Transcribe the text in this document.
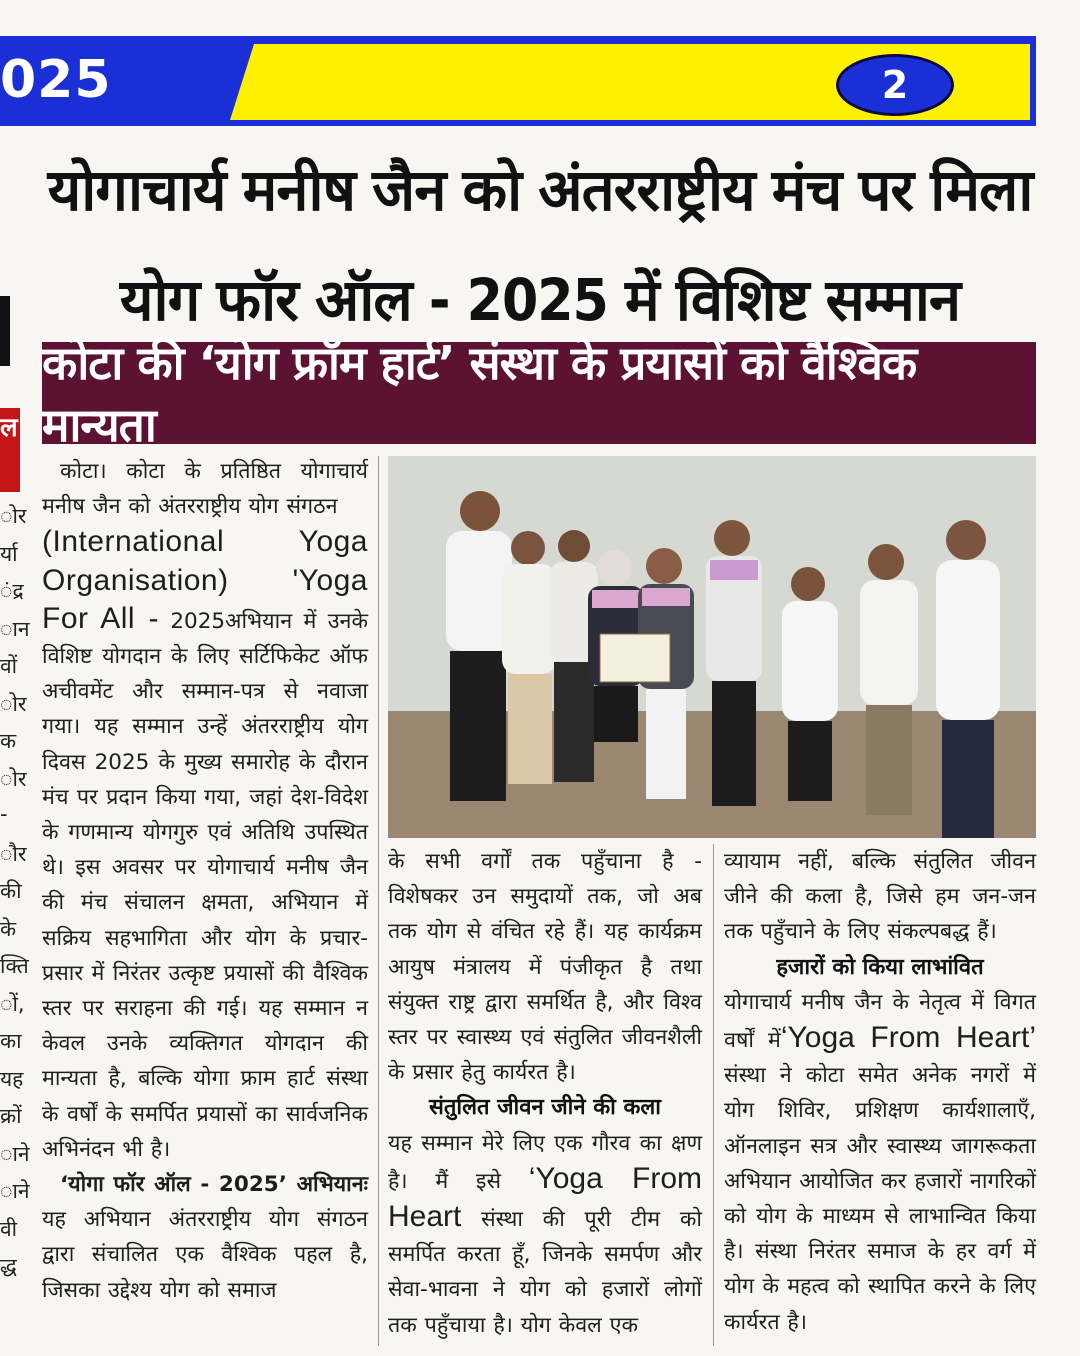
025	2
योगाचार्य मनीष जैन को अंतरराष्ट्रीय मंच पर मिला
योग फॉर ऑल - 2025 में विशिष्ट सम्मान
कोटा की ‘योग फ्रॉम हार्ट’ संस्था के प्रयासों को वैश्विक मान्यता
ल
ोर
र्या
ंद्र
ान
वों
ोर
क
ोर
-
ौर
की
के
क्ति
ों,
का
यह
क्रों
ाने
ाने
वी
द्ध

कोटा। कोटा के प्रतिष्ठित योगाचार्य मनीष जैन को अंतरराष्ट्रीय योग संगठन
(International Yoga Organisation) 'Yoga For All - 2025अभियान में उनके विशिष्ट योगदान के लिए सर्टिफिकेट ऑफ अचीवमेंट और सम्मान-पत्र से नवाजा गया। यह सम्मान उन्हें अंतरराष्ट्रीय योग दिवस 2025 के मुख्य समारोह के दौरान मंच पर प्रदान किया गया, जहां देश-विदेश के गणमान्य योगगुरु एवं अतिथि उपस्थित थे। इस अवसर पर योगाचार्य मनीष जैन की मंच संचालन क्षमता, अभियान में सक्रिय सहभागिता और योग के प्रचार-प्रसार में निरंतर उत्कृष्ट प्रयासों की वैश्विक स्तर पर सराहना की गई। यह सम्मान न केवल उनके व्यक्तिगत योगदान की मान्यता है, बल्कि योगा फ्राम हार्ट संस्था के वर्षों के समर्पित प्रयासों का सार्वजनिक अभिनंदन भी है।

‘योगा फॉर ऑल - 2025’ अभियानः यह अभियान अंतरराष्ट्रीय योग संगठन द्वारा संचालित एक वैश्विक पहल है, जिसका उद्देश्य योग को समाज

के सभी वर्गों तक पहुँचाना है - विशेषकर उन समुदायों तक, जो अब तक योग से वंचित रहे हैं। यह कार्यक्रम आयुष मंत्रालय में पंजीकृत है तथा संयुक्त राष्ट्र द्वारा समर्थित है, और विश्व स्तर पर स्वास्थ्य एवं संतुलित जीवनशैली के प्रसार हेतु कार्यरत है।

संतुलित जीवन जीने की कला

यह सम्मान मेरे लिए एक गौरव का क्षण है। मैं इसे ‘Yoga From Heart संस्था की पूरी टीम को समर्पित करता हूँ, जिनके समर्पण और सेवा-भावना ने योग को हजारों लोगों तक पहुँचाया है। योग केवल एक

व्यायाम नहीं, बल्कि संतुलित जीवन जीने की कला है, जिसे हम जन-जन तक पहुँचाने के लिए संकल्पबद्ध हैं।

हजारों को किया लाभांवित

योगाचार्य मनीष जैन के नेतृत्व में विगत वर्षों में‘Yoga From Heart’ संस्था ने कोटा समेत अनेक नगरों में योग शिविर, प्रशिक्षण कार्यशालाएँ, ऑनलाइन सत्र और स्वास्थ्य जागरूकता अभियान आयोजित कर हजारों नागरिकों को योग के माध्यम से लाभान्वित किया है। संस्था निरंतर समाज के हर वर्ग में योग के महत्व को स्थापित करने के लिए कार्यरत है।
